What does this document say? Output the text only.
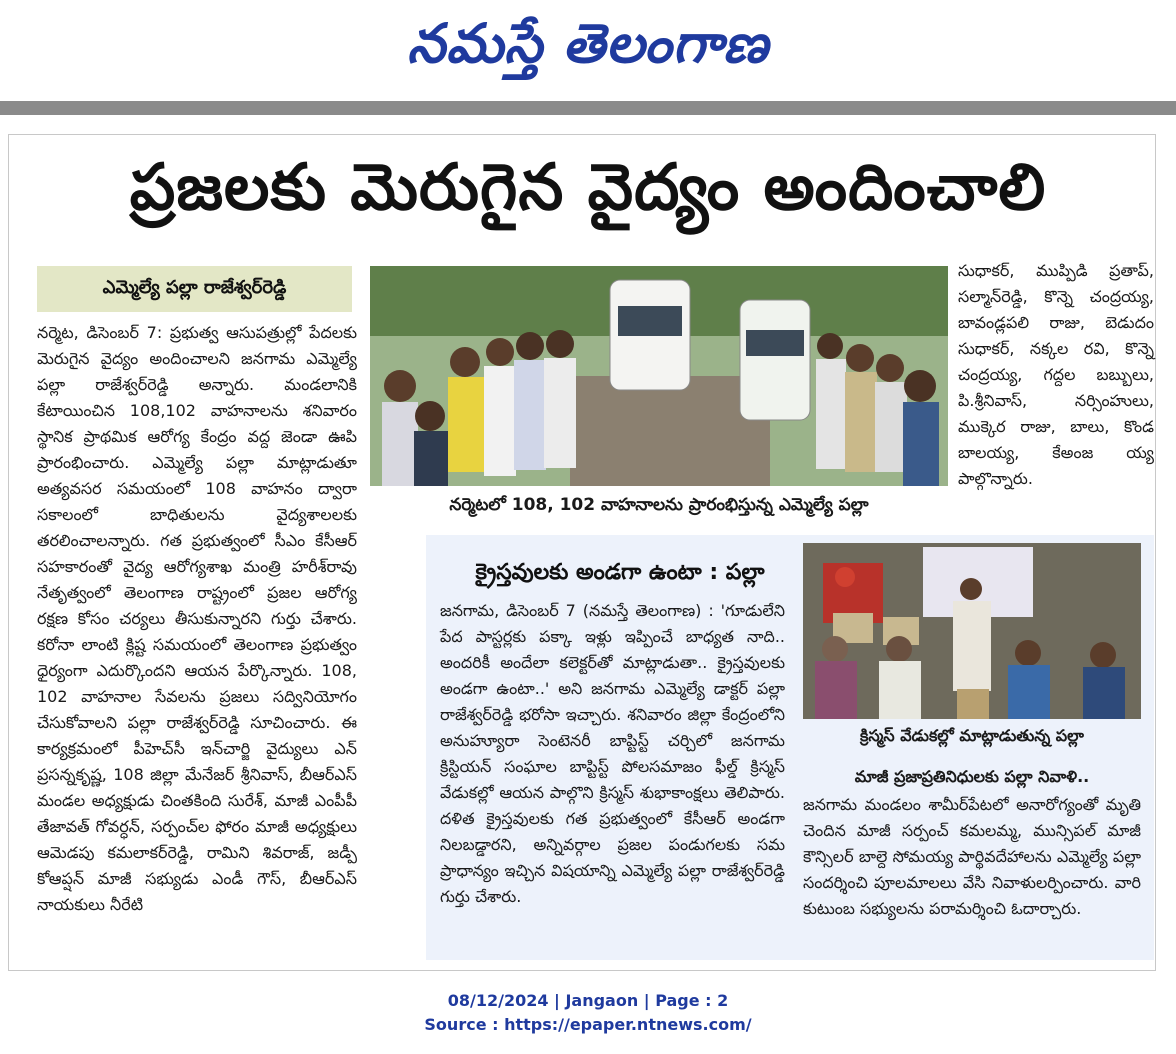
నమస్తే తెలంగాణ
ప్రజలకు మెరుగైన వైద్యం అందించాలి
ఎమ్మెల్యే పల్లా రాజేశ్వర్‌రెడ్డి

నర్మెట, డిసెంబర్ 7: ప్రభుత్వ ఆసుపత్రుల్లో పేదలకు మెరుగైన వైద్యం అందించాలని జనగామ ఎమ్మెల్యే పల్లా రాజేశ్వర్‌రెడ్డి అన్నారు. మండలానికి కేటాయించిన 108,102 వాహనాలను శనివారం స్థానిక ప్రాథమిక ఆరోగ్య కేంద్రం వద్ద జెండా ఊపి ప్రారంభించారు. ఎమ్మెల్యే పల్లా మాట్లాడుతూ అత్యవసర సమయంలో 108 వాహనం ద్వారా సకాలంలో బాధితులను వైద్యశాలలకు తరలించాలన్నారు. గత ప్రభుత్వంలో సీఎం కేసీఆర్ సహకారంతో వైద్య ఆరోగ్యశాఖ మంత్రి హరీశ్‌రావు నేతృత్వంలో తెలంగాణ రాష్ట్రంలో ప్రజల ఆరోగ్య రక్షణ కోసం చర్యలు తీసుకున్నారని గుర్తు చేశారు. కరోనా లాంటి క్లిష్ట సమయంలో తెలంగాణ ప్రభుత్వం ధైర్యంగా ఎదుర్కొందని ఆయన పేర్కొన్నారు. 108, 102 వాహనాల సేవలను ప్రజలు సద్వినియోగం చేసుకోవాలని పల్లా రాజేశ్వర్‌రెడ్డి సూచించారు. ఈ కార్యక్రమంలో పీహెచ్‌సీ ఇన్‌చార్జి వైద్యులు ఎన్ ప్రసన్నకృష్ణ, 108 జిల్లా మేనేజర్ శ్రీనివాస్, బీఆర్‌ఎస్ మండల అధ్యక్షుడు చింతకింది సురేశ్, మాజీ ఎంపీపీ తేజావత్ గోవర్ధన్, సర్పంచ్‌ల ఫోరం మాజీ అధ్యక్షులు ఆమెడపు కమలాకర్‌రెడ్డి, రామిని శివరాజ్, జడ్పీ కోఆప్షన్ మాజీ సభ్యుడు ఎండీ గౌస్, బీఆర్‌ఎస్ నాయకులు నీరేటి

నర్మెటలో 108, 102 వాహనాలను ప్రారంభిస్తున్న ఎమ్మెల్యే పల్లా

సుధాకర్, ముప్పిడి ప్రతాప్, సల్మాన్‌రెడ్డి, కొన్నె చంద్రయ్య, బావండ్లపలి రాజు, బెడుదం సుధాకర్, నక్కల రవి, కొన్నె చంద్రయ్య, గద్దల బబ్బులు, పి.శ్రీనివాస్, నర్సింహులు, ముక్కెర రాజు, బాలు, కొండ బాలయ్య, కేఅంజ య్య పాల్గొన్నారు.

క్రైస్తవులకు అండగా ఉంటా : పల్లా

జనగామ, డిసెంబర్ 7 (నమస్తే తెలంగాణ) : 'గూడులేని పేద పాస్టర్లకు పక్కా ఇళ్లు ఇప్పించే బాధ్యత నాది.. అందరికీ అందేలా కలెక్టర్‌తో మాట్లాడుతా.. క్రైస్తవులకు అండగా ఉంటా..' అని జనగామ ఎమ్మెల్యే డాక్టర్ పల్లా రాజేశ్వర్‌రెడ్డి భరోసా ఇచ్చారు. శనివారం జిల్లా కేంద్రంలోని అనుహ్యూరా సెంటెనరీ బాప్టిస్ట్ చర్చిలో జనగామ క్రిస్టియన్ సంఘాల బాప్టిస్ట్ పోలసమాజం ఫీల్డ్ క్రిస్మస్ వేడుకల్లో ఆయన పాల్గొని క్రిస్మస్ శుభాకాంక్షలు తెలిపారు. దళిత క్రైస్తవులకు గత ప్రభుత్వంలో కేసీఆర్ అండగా నిలబడ్డారని, అన్నివర్గాల ప్రజల పండుగలకు సమ ప్రాధాన్యం ఇచ్చిన విషయాన్ని ఎమ్మెల్యే పల్లా రాజేశ్వర్‌రెడ్డి గుర్తు చేశారు.

క్రిస్మస్ వేడుకల్లో మాట్లాడుతున్న పల్లా
మాజీ ప్రజాప్రతినిధులకు పల్లా నివాళి..

జనగామ మండలం శామీర్‌పేటలో అనారోగ్యంతో మృతి చెందిన మాజీ సర్పంచ్ కమలమ్మ, మున్సిపల్ మాజీ కౌన్సిలర్ బాల్దె సోమయ్య పార్థివదేహాలను ఎమ్మెల్యే పల్లా సందర్శించి పూలమాలలు వేసి నివాళులర్పించారు. వారి కుటుంబ సభ్యులను పరామర్శించి ఓదార్చారు.

08/12/2024 | Jangaon | Page : 2
Source : https://epaper.ntnews.com/
